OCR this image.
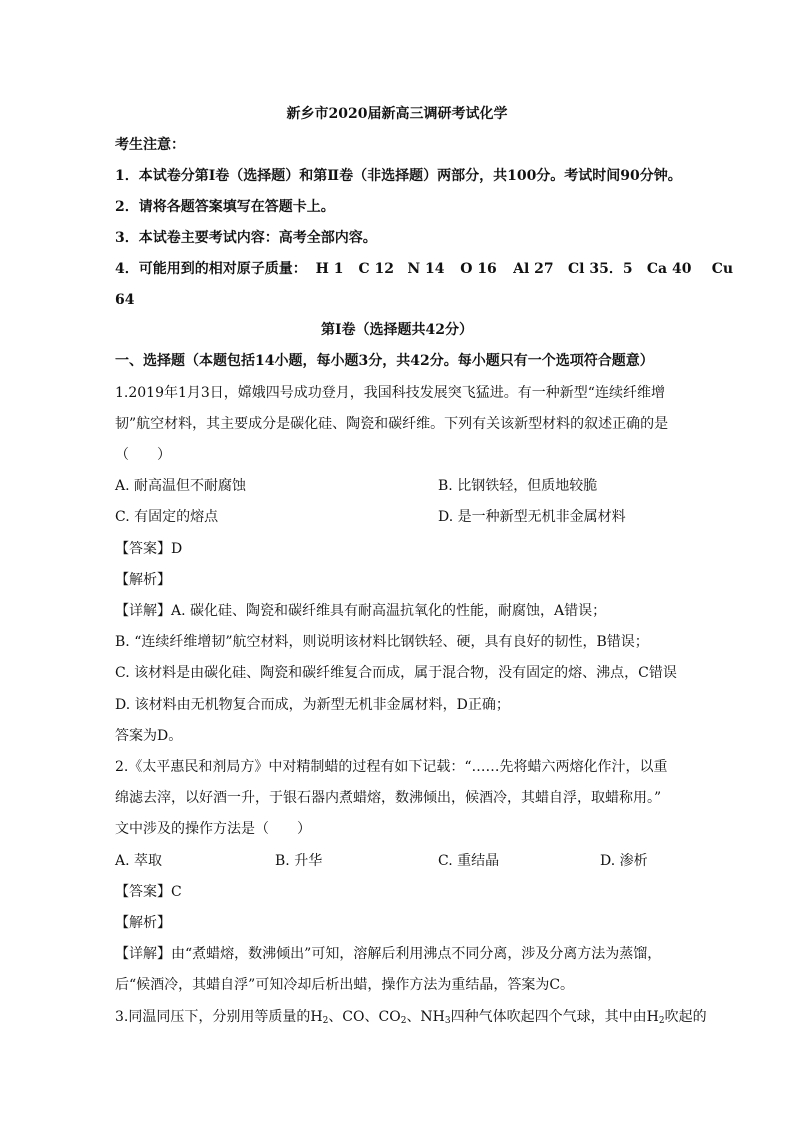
新乡市2020届新高三调研考试化学
考生注意：
1．本试卷分第Ⅰ卷（选择题）和第Ⅱ卷（非选择题）两部分，共100分。考试时间90分钟。
2．请将各题答案填写在答题卡上。
3．本试卷主要考试内容：高考全部内容。
4．可能用到的相对原子质量： H 1 C 12 N 14 O 16 Al 27 Cl 35．5 Ca 40 Cu
64
第Ⅰ卷（选择题共42分）
一、选择题（本题包括14小题，每小题3分，共42分。每小题只有一个选项符合题意）
1.2019年1月3日，嫦娥四号成功登月，我国科技发展突飞猛进。有一种新型“连续纤维增
韧”航空材料，其主要成分是碳化硅、陶瓷和碳纤维。下列有关该新型材料的叙述正确的是
（　　）
A. 耐高温但不耐腐蚀	B. 比钢铁轻，但质地较脆
C. 有固定的熔点	D. 是一种新型无机非金属材料
【答案】D
【解析】
【详解】A. 碳化硅、陶瓷和碳纤维具有耐高温抗氧化的性能，耐腐蚀，A错误；
B. “连续纤维增韧”航空材料，则说明该材料比钢铁轻、硬，具有良好的韧性，B错误；
C. 该材料是由碳化硅、陶瓷和碳纤维复合而成，属于混合物，没有固定的熔、沸点，C错误
D. 该材料由无机物复合而成，为新型无机非金属材料，D正确；
答案为D。
2.《太平惠民和剂局方》中对精制蜡的过程有如下记载：“……先将蜡六两熔化作汁，以重
绵滤去滓，以好酒一升，于银石器内煮蜡熔，数沸倾出，候酒冷，其蜡自浮，取蜡称用。”
文中涉及的操作方法是（　　）
A. 萃取	B. 升华	C. 重结晶	D. 渗析
【答案】C
【解析】
【详解】由“煮蜡熔，数沸倾出”可知，溶解后利用沸点不同分离，涉及分离方法为蒸馏，
后“候酒冷，其蜡自浮”可知冷却后析出蜡，操作方法为重结晶，答案为C。
3.同温同压下，分别用等质量的$H_2$、CO、$CO_2$、$NH_3$四种气体吹起四个气球，其中由$H_2$吹起的
